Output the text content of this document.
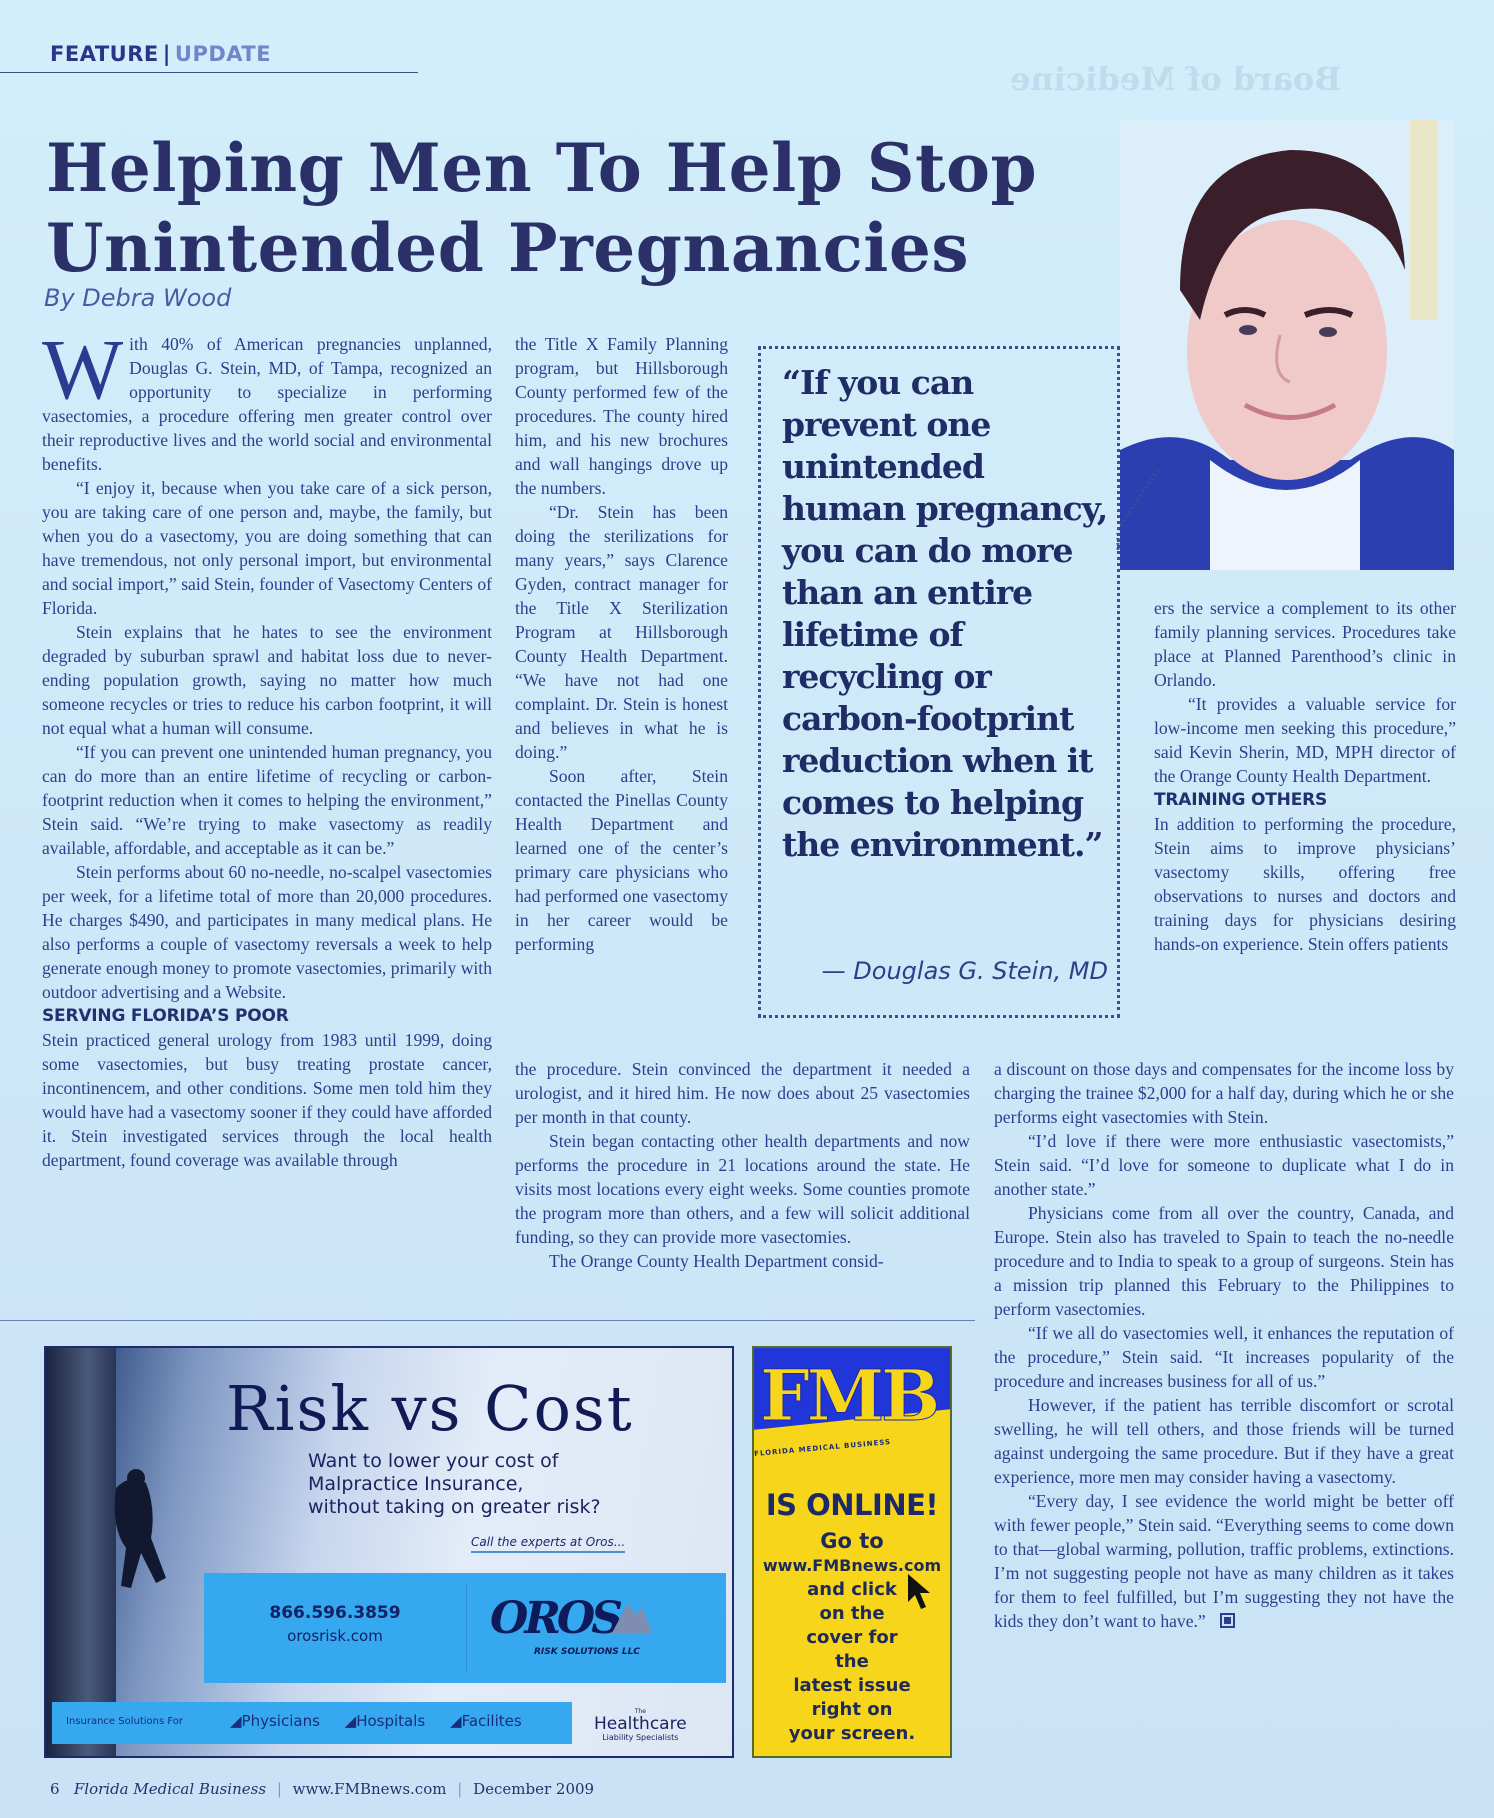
FEATURE | UPDATE
Board of Medicine
Helping Men To Help Stop
Unintended Pregnancies
By Debra Wood

With 40% of American pregnancies unplanned, Douglas G. Stein, MD, of Tampa, recognized an opportunity to specialize in performing vasectomies, a procedure offering men greater control over their reproductive lives and the world social and environmental benefits.

“I enjoy it, because when you take care of a sick person, you are taking care of one person and, maybe, the family, but when you do a vasectomy, you are doing something that can have tremendous, not only personal import, but environmental and social import,” said Stein, founder of Vasectomy Centers of Florida.

Stein explains that he hates to see the environment degraded by suburban sprawl and habitat loss due to never-ending population growth, saying no matter how much someone recycles or tries to reduce his carbon footprint, it will not equal what a human will consume.

“If you can prevent one unintended human pregnancy, you can do more than an entire lifetime of recycling or carbon-footprint reduction when it comes to helping the environment,” Stein said. “We’re trying to make vasectomy as readily available, affordable, and acceptable as it can be.”

Stein performs about 60 no-needle, no-scalpel vasectomies per week, for a lifetime total of more than 20,000 procedures. He charges $490, and participates in many medical plans. He also performs a couple of vasectomy reversals a week to help generate enough money to promote vasectomies, primarily with outdoor advertising and a Website.

SERVING FLORIDA’S POOR

Stein practiced general urology from 1983 until 1999, doing some vasectomies, but busy treating prostate cancer, incontinencem, and other conditions. Some men told him they would have had a vasectomy sooner if they could have afforded it. Stein investigated services through the local health department, found coverage was available through

the Title X Family Planning program, but Hillsborough County performed few of the procedures. The county hired him, and his new brochures and wall hangings drove up the numbers.

“Dr. Stein has been doing the sterilizations for many years,” says Clarence Gyden, contract manager for the Title X Sterilization Program at Hillsborough County Health Department. “We have not had one complaint. Dr. Stein is honest and believes in what he is doing.”

Soon after, Stein contacted the Pinellas County Health Department and learned one of the center’s primary care physicians who had performed one vasectomy in her career would be performing

the procedure. Stein convinced the department it needed a urologist, and it hired him. He now does about 25 vasectomies per month in that county.

Stein began contacting other health departments and now performs the procedure in 21 locations around the state. He visits most locations every eight weeks. Some counties promote the program more than others, and a few will solicit additional funding, so they can provide more vasectomies.

The Orange County Health Department consid-

“If you can prevent one unintended human pregnancy, you can do more than an entire lifetime of recycling or carbon-footprint reduction when it comes to helping the environment.”
— Douglas G. Stein, MD

ers the service a complement to its other family planning services. Procedures take place at Planned Parenthood’s clinic in Orlando.

“It provides a valuable service for low-income men seeking this procedure,” said Kevin Sherin, MD, MPH director of the Orange County Health Department.

TRAINING OTHERS

In addition to performing the procedure, Stein aims to improve physicians’ vasectomy skills, offering free observations to nurses and doctors and training days for physicians desiring hands-on experience. Stein offers patients

a discount on those days and compensates for the income loss by charging the trainee $2,000 for a half day, during which he or she performs eight vasectomies with Stein.

“I’d love if there were more enthusiastic vasectomists,” Stein said. “I’d love for someone to duplicate what I do in another state.”

Physicians come from all over the country, Canada, and Europe. Stein also has traveled to Spain to teach the no-needle procedure and to India to speak to a group of surgeons. Stein has a mission trip planned this February to the Philippines to perform vasectomies.

“If we all do vasectomies well, it enhances the reputation of the procedure,” Stein said. “It increases popularity of the procedure and increases business for all of us.”

However, if the patient has terrible discomfort or scrotal swelling, he will tell others, and those friends will be turned against undergoing the same procedure. But if they have a great experience, more men may consider having a vasectomy.

“Every day, I see evidence the world might be better off with fewer people,” Stein said. “Everything seems to come down to that—global warming, pollution, traffic problems, extinctions. I’m not suggesting people not have as many children as it takes for them to feel fulfilled, but I’m suggesting they not have the kids they don’t want to have.”

Risk vs Cost
Want to lower your cost of
Malpractice Insurance,
without taking on greater risk?
Call the experts at Oros...
866.596.3859
orosrisk.com	OROS
RISK SOLUTIONS LLC
Insurance Solutions For	◢Physicians ◢Hospitals ◢Facilites
The
Healthcare
Liability Specialists
FMB
FLORIDA MEDICAL BUSINESS
IS ONLINE!
Go to
www.FMBnews.com
and click
on the
cover for
the
latest issue
right on
your screen.
6 Florida Medical Business | www.FMBnews.com | December 2009
